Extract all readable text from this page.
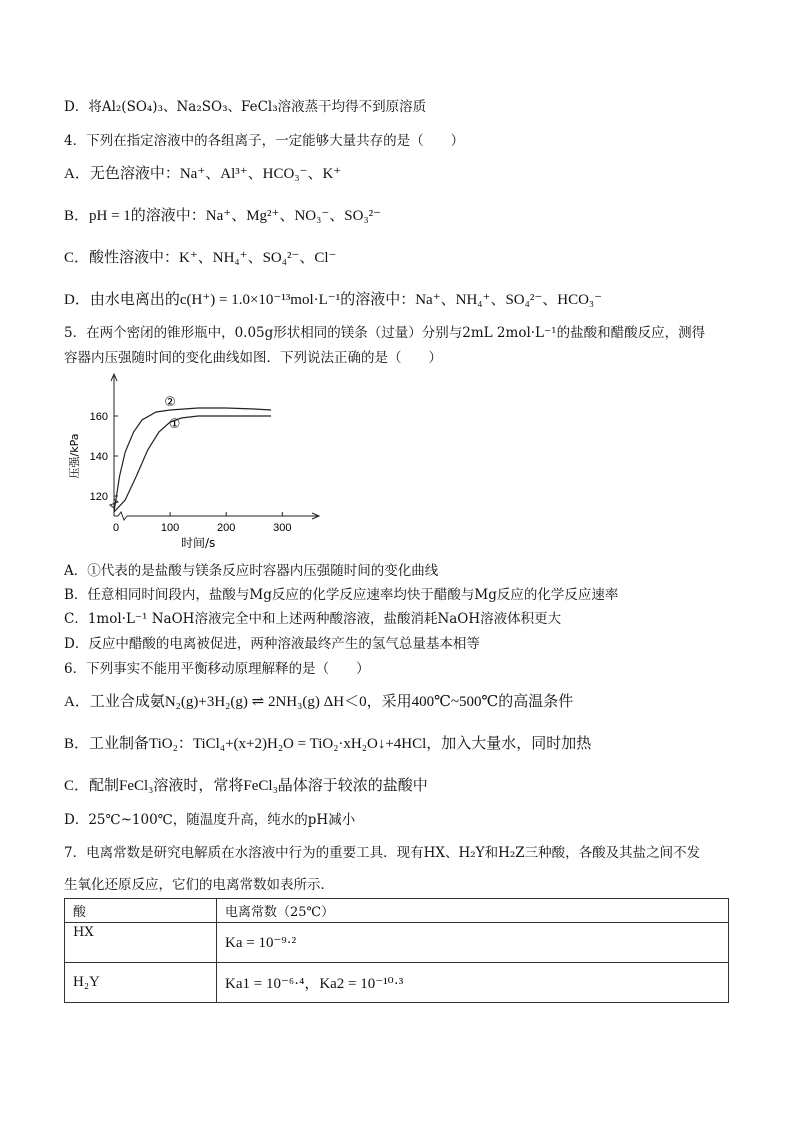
D．将Al₂(SO₄)₃、Na₂SO₃、FeCl₃溶液蒸干均得不到原溶质
4．下列在指定溶液中的各组离子，一定能够大量共存的是（　　）
A．无色溶液中：Na⁺、Al³⁺、HCO₃⁻、K⁺
B．pH = 1的溶液中：Na⁺、Mg²⁺、NO₃⁻、SO₃²⁻
C．酸性溶液中：K⁺、NH₄⁺、SO₄²⁻、Cl⁻
D．由水电离出的c(H⁺) = 1.0×10⁻¹³mol·L⁻¹的溶液中：Na⁺、NH₄⁺、SO₄²⁻、HCO₃⁻
5．在两个密闭的锥形瓶中，0.05g形状相同的镁条（过量）分别与2mL 2mol·L⁻¹的盐酸和醋酸反应，测得
容器内压强随时间的变化曲线如图．下列说法正确的是（　　）
120
140
160
0	100	200	300
时间/s
压强/kPa
②
①
A．①代表的是盐酸与镁条反应时容器内压强随时间的变化曲线
B．任意相同时间段内，盐酸与Mg反应的化学反应速率均快于醋酸与Mg反应的化学反应速率
C．1mol·L⁻¹ NaOH溶液完全中和上述两种酸溶液，盐酸消耗NaOH溶液体积更大
D．反应中醋酸的电离被促进，两种溶液最终产生的氢气总量基本相等
6．下列事实不能用平衡移动原理解释的是（　　）
A．工业合成氨N₂(g)+3H₂(g) ⇌ 2NH₃(g) ΔH＜0，采用400℃~500℃的高温条件
B．工业制备TiO₂：TiCl₄+(x+2)H₂O = TiO₂·xH₂O↓+4HCl，加入大量水，同时加热
C．配制FeCl₃溶液时，常将FeCl₃晶体溶于较浓的盐酸中
D．25℃~100℃，随温度升高，纯水的pH减小
7．电离常数是研究电解质在水溶液中行为的重要工具．现有HX、H₂Y和H₂Z三种酸，各酸及其盐之间不发
生氧化还原反应，它们的电离常数如表所示．
酸	电离常数（25℃）
HX	Ka = 10⁻⁹·²
H₂Y	Ka1 = 10⁻⁶·⁴，Ka2 = 10⁻¹⁰·³
